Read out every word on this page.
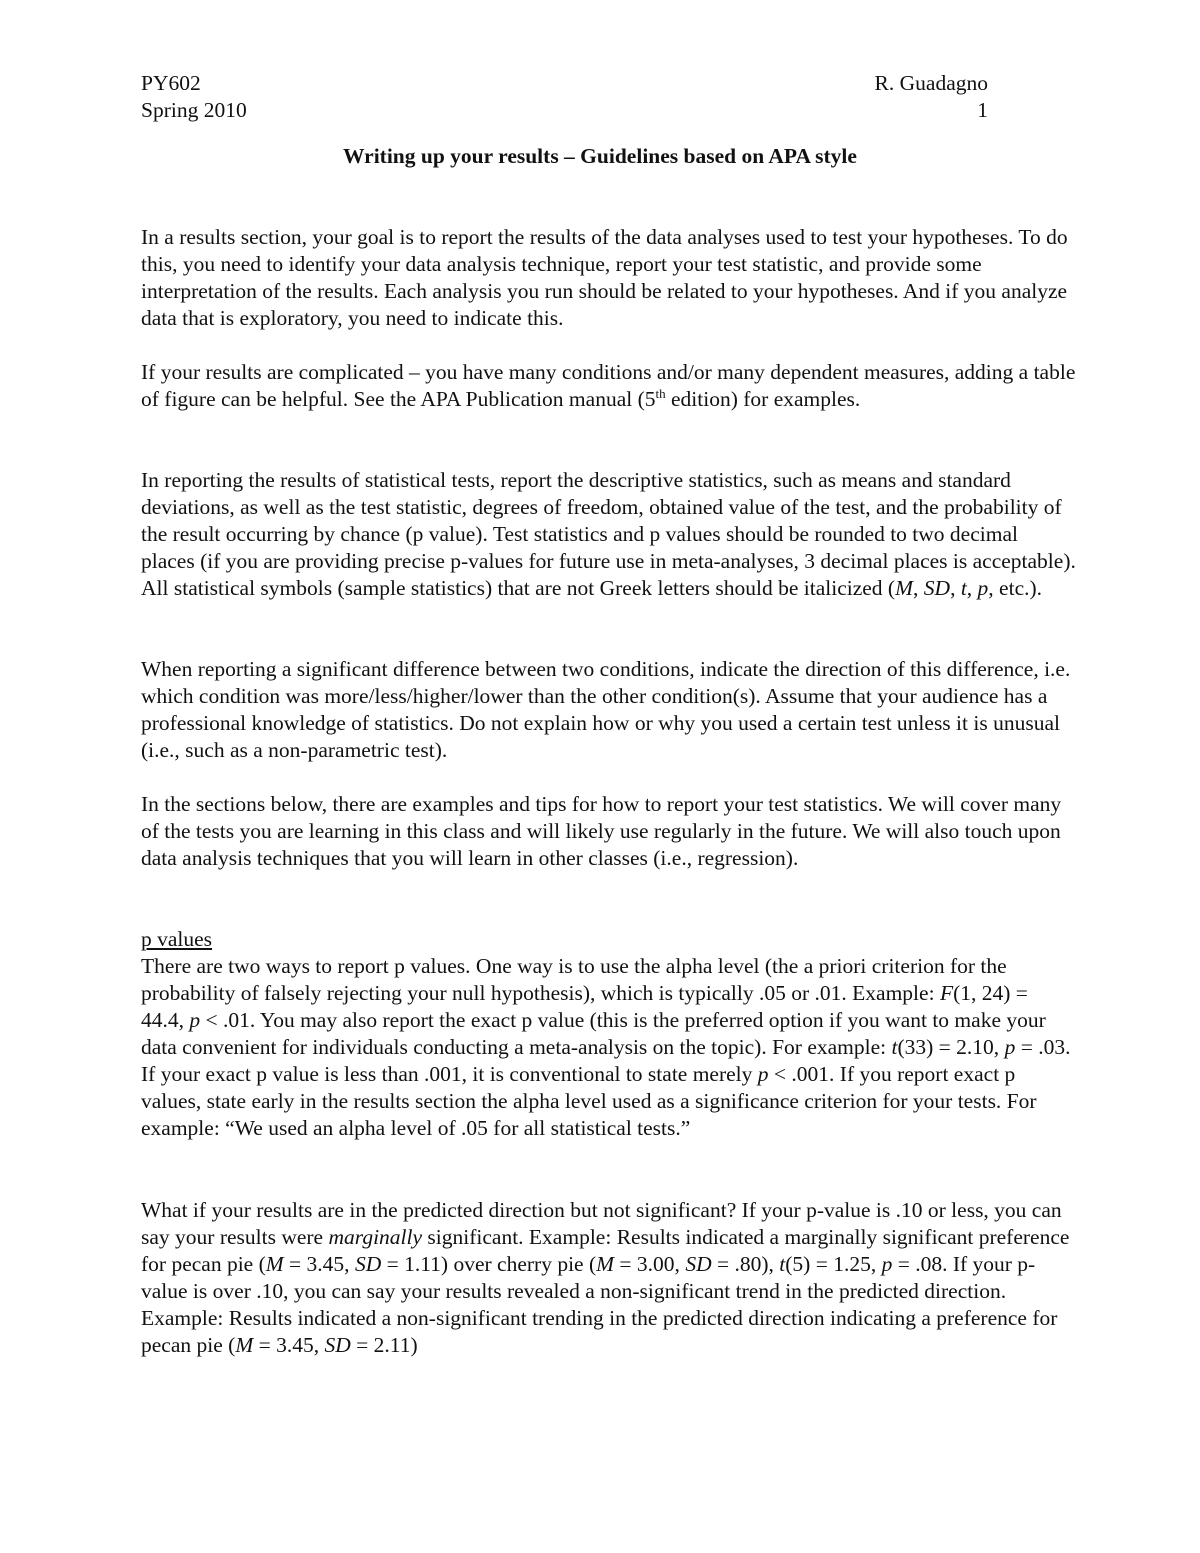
PY602	R. Guadagno
Spring 2010	1
Writing up your results – Guidelines based on APA style

In a results section, your goal is to report the results of the data analyses used to test your hypotheses. To do this, you need to identify your data analysis technique, report your test statistic, and provide some interpretation of the results. Each analysis you run should be related to your hypotheses. And if you analyze data that is exploratory, you need to indicate this.

If your results are complicated – you have many conditions and/or many dependent measures, adding a table of figure can be helpful. See the APA Publication manual (5th edition) for examples.

In reporting the results of statistical tests, report the descriptive statistics, such as means and standard deviations, as well as the test statistic, degrees of freedom, obtained value of the test, and the probability of the result occurring by chance (p value). Test statistics and p values should be rounded to two decimal places (if you are providing precise p-values for future use in meta-analyses, 3 decimal places is acceptable). All statistical symbols (sample statistics) that are not Greek letters should be italicized (M, SD, t, p, etc.).

When reporting a significant difference between two conditions, indicate the direction of this difference, i.e. which condition was more/less/higher/lower than the other condition(s). Assume that your audience has a professional knowledge of statistics. Do not explain how or why you used a certain test unless it is unusual (i.e., such as a non-parametric test).

In the sections below, there are examples and tips for how to report your test statistics. We will cover many of the tests you are learning in this class and will likely use regularly in the future. We will also touch upon data analysis techniques that you will learn in other classes (i.e., regression).

p values

There are two ways to report p values. One way is to use the alpha level (the a priori criterion for the probability of falsely rejecting your null hypothesis), which is typically .05 or .01. Example: F(1, 24) = 44.4, p < .01. You may also report the exact p value (this is the preferred option if you want to make your data convenient for individuals conducting a meta-analysis on the topic). For example: t(33) = 2.10, p = .03. If your exact p value is less than .001, it is conventional to state merely p < .001. If you report exact p values, state early in the results section the alpha level used as a significance criterion for your tests. For example: “We used an alpha level of .05 for all statistical tests.”

What if your results are in the predicted direction but not significant? If your p-value is .10 or less, you can say your results were marginally significant. Example: Results indicated a marginally significant preference for pecan pie (M = 3.45, SD = 1.11) over cherry pie (M = 3.00, SD = .80), t(5) = 1.25, p = .08. If your p-value is over .10, you can say your results revealed a non-significant trend in the predicted direction. Example: Results indicated a non-significant trending in the predicted direction indicating a preference for pecan pie (M = 3.45, SD = 2.11)
